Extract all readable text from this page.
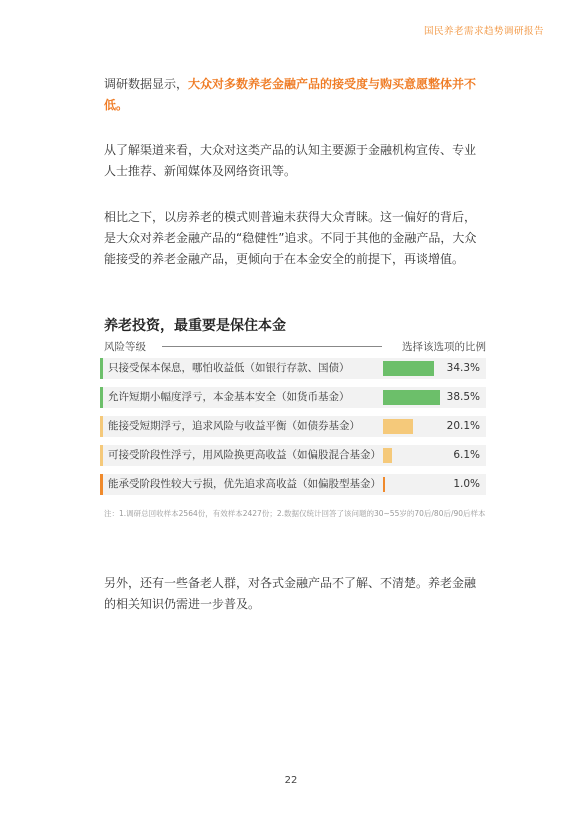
国民养老需求趋势调研报告
调研数据显示，大众对多数养老金融产品的接受度与购买意愿整体并不低。
从了解渠道来看，大众对这类产品的认知主要源于金融机构宣传、专业人士推荐、新闻媒体及网络资讯等。
相比之下，以房养老的模式则普遍未获得大众青睐。这一偏好的背后，是大众对养老金融产品的“稳健性”追求。不同于其他的金融产品，大众能接受的养老金融产品，更倾向于在本金安全的前提下，再谈增值。
养老投资，最重要是保住本金
风险等级	选择该选项的比例
只接受保本保息，哪怕收益低（如银行存款、国债）	34.3%
允许短期小幅度浮亏，本金基本安全（如货币基金）	38.5%
能接受短期浮亏，追求风险与收益平衡（如债券基金）	20.1%
可接受阶段性浮亏，用风险换更高收益（如偏股混合基金）	6.1%
能承受阶段性较大亏损，优先追求高收益（如偏股型基金）	1.0%
注：1.调研总回收样本2564份，有效样本2427份；2.数据仅统计回答了该问题的30~55岁的70后/80后/90后样本
另外，还有一些备老人群，对各式金融产品不了解、不清楚。养老金融的相关知识仍需进一步普及。
22
